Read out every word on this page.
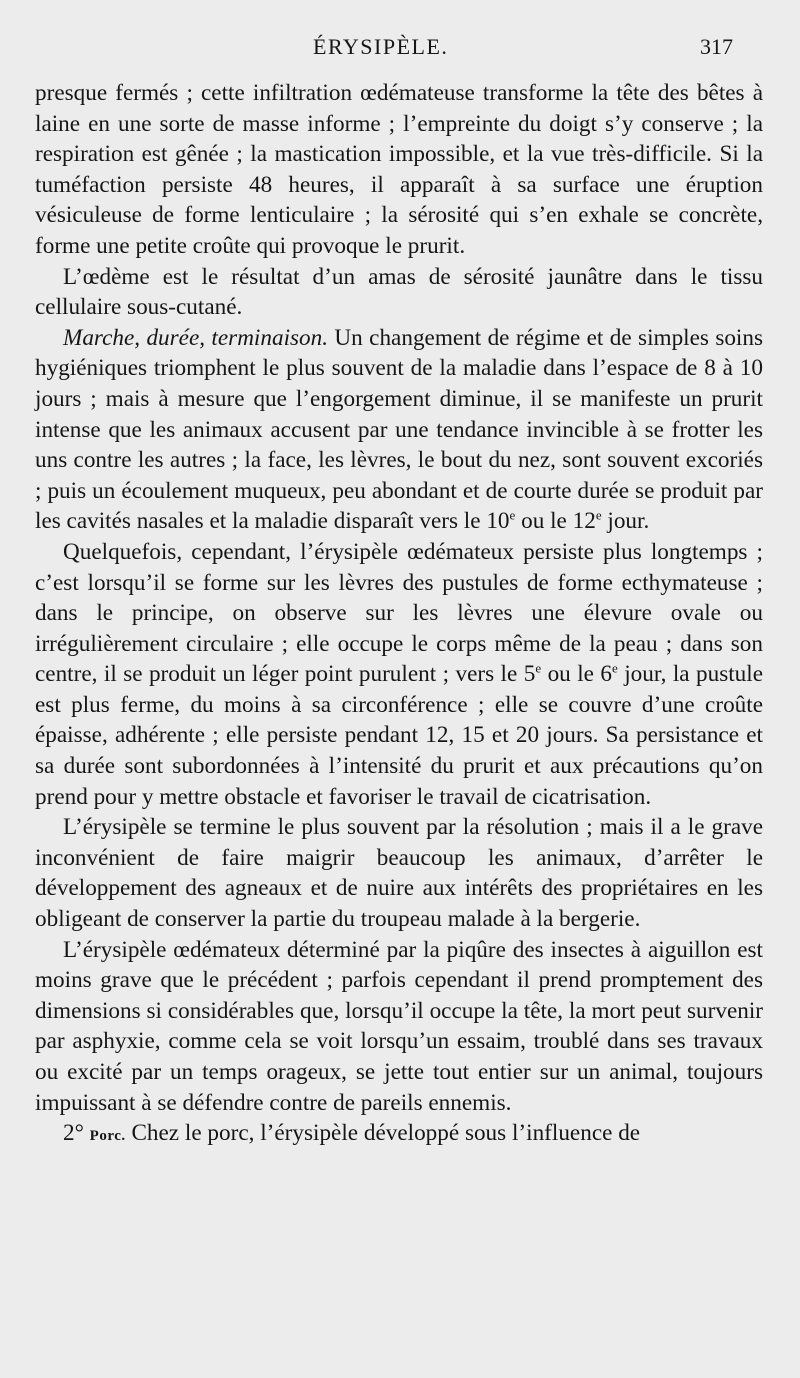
ÉRYSIPÈLE.	317

presque fermés ; cette infiltration œdémateuse transforme la tête des bêtes à laine en une sorte de masse informe ; l’empreinte du doigt s’y conserve ; la respiration est gênée ; la mastication impossible, et la vue très-difficile. Si la tuméfaction persiste 48 heures, il apparaît à sa surface une éruption vésiculeuse de forme lenticulaire ; la sérosité qui s’en exhale se concrète, forme une petite croûte qui provoque le prurit.

L’œdème est le résultat d’un amas de sérosité jaunâtre dans le tissu cellulaire sous-cutané.

Marche, durée, terminaison. Un changement de régime et de simples soins hygiéniques triomphent le plus souvent de la maladie dans l’espace de 8 à 10 jours ; mais à mesure que l’engorgement diminue, il se manifeste un prurit intense que les animaux accusent par une tendance invincible à se frotter les uns contre les autres ; la face, les lèvres, le bout du nez, sont souvent excoriés ; puis un écoulement muqueux, peu abondant et de courte durée se produit par les cavités nasales et la maladie disparaît vers le 10e ou le 12e jour.

Quelquefois, cependant, l’érysipèle œdémateux persiste plus longtemps ; c’est lorsqu’il se forme sur les lèvres des pustules de forme ecthymateuse ; dans le principe, on observe sur les lèvres une élevure ovale ou irrégulièrement circulaire ; elle occupe le corps même de la peau ; dans son centre, il se produit un léger point purulent ; vers le 5e ou le 6e jour, la pustule est plus ferme, du moins à sa circonférence ; elle se couvre d’une croûte épaisse, adhérente ; elle persiste pendant 12, 15 et 20 jours. Sa persistance et sa durée sont subordonnées à l’intensité du prurit et aux précautions qu’on prend pour y mettre obstacle et favoriser le travail de cicatrisation.

L’érysipèle se termine le plus souvent par la résolution ; mais il a le grave inconvénient de faire maigrir beaucoup les animaux, d’arrêter le développement des agneaux et de nuire aux intérêts des propriétaires en les obligeant de conserver la partie du troupeau malade à la bergerie.

L’érysipèle œdémateux déterminé par la piqûre des insectes à aiguillon est moins grave que le précédent ; parfois cependant il prend promptement des dimensions si considérables que, lorsqu’il occupe la tête, la mort peut survenir par asphyxie, comme cela se voit lorsqu’un essaim, troublé dans ses travaux ou excité par un temps orageux, se jette tout entier sur un animal, toujours impuissant à se défendre contre de pareils ennemis.

2° Porc. Chez le porc, l’érysipèle développé sous l’influence de
